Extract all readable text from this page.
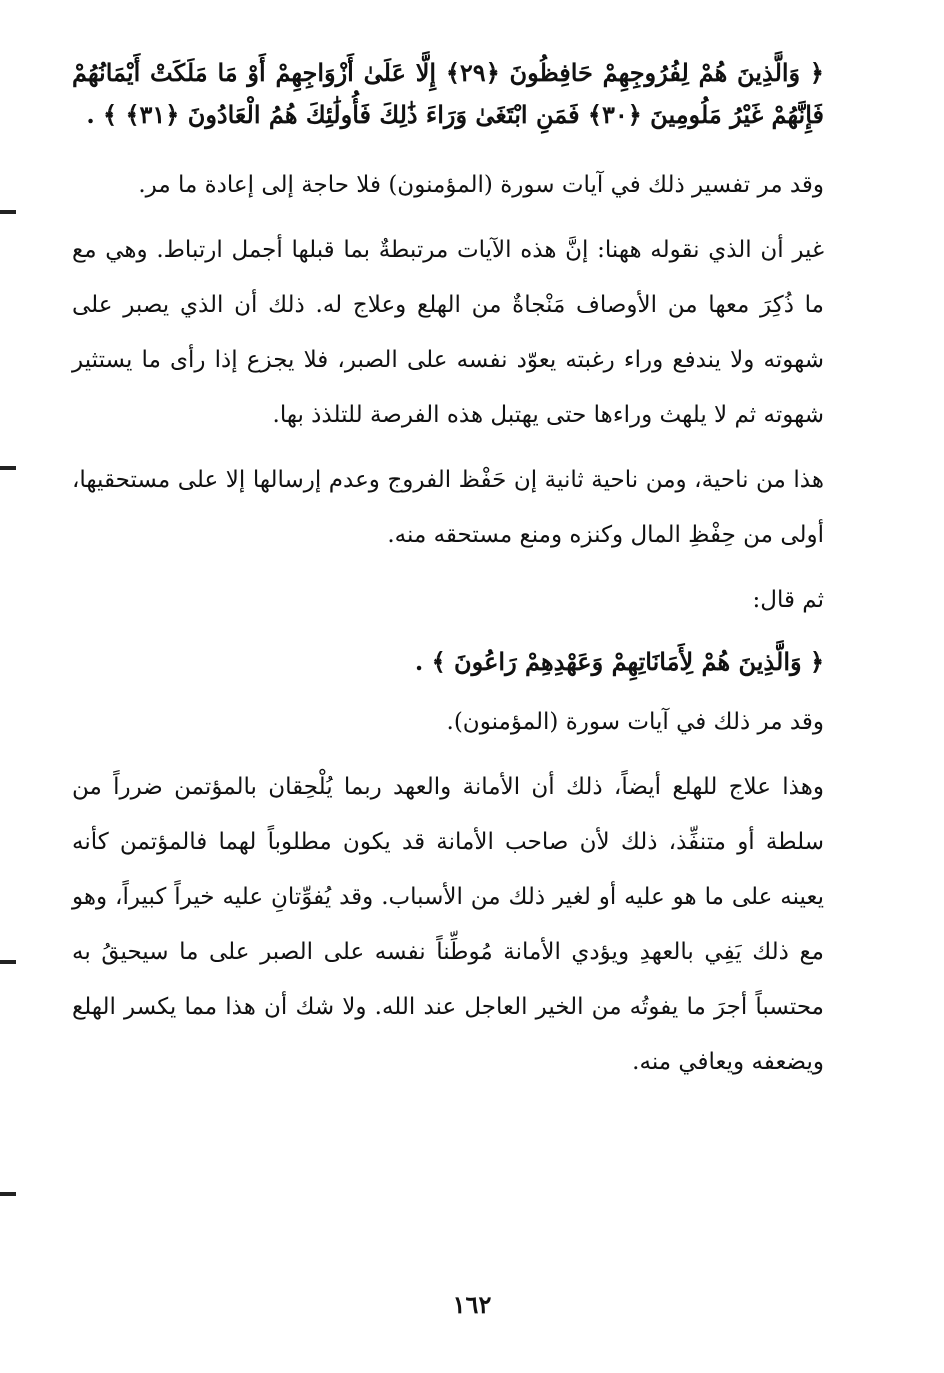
﴿ وَالَّذِينَ هُمْ لِفُرُوجِهِمْ حَافِظُونَ ﴿٢٩﴾ إِلَّا عَلَىٰ أَزْوَاجِهِمْ أَوْ مَا مَلَكَتْ أَيْمَانُهُمْ فَإِنَّهُمْ غَيْرُ مَلُومِينَ ﴿٣٠﴾ فَمَنِ ابْتَغَىٰ وَرَاءَ ذَٰلِكَ فَأُولَٰئِكَ هُمُ الْعَادُونَ ﴿٣١﴾ ﴾ .

وقد مر تفسير ذلك في آيات سورة (المؤمنون) فلا حاجة إلى إعادة ما مر.

غير أن الذي نقوله ههنا: إنَّ هذه الآيات مرتبطةٌ بما قبلها أجمل ارتباط. وهي مع ما ذُكِرَ معها من الأوصاف مَنْجاةٌ من الهلع وعلاج له. ذلك أن الذي يصبر على شهوته ولا يندفع وراء رغبته يعوّد نفسه على الصبر، فلا يجزع إذا رأى ما يستثير شهوته ثم لا يلهث وراءها حتى يهتبل هذه الفرصة للتلذذ بها.

هذا من ناحية، ومن ناحية ثانية إن حَفْظ الفروج وعدم إرسالها إلا على مستحقيها، أولى من حِفْظِ المال وكنزه ومنع مستحقه منه.

ثم قال:

﴿ وَالَّذِينَ هُمْ لِأَمَانَاتِهِمْ وَعَهْدِهِمْ رَاعُونَ ﴾ .

وقد مر ذلك في آيات سورة (المؤمنون).

وهذا علاج للهلع أيضاً، ذلك أن الأمانة والعهد ربما يُلْحِقان بالمؤتمن ضرراً من سلطة أو متنفِّذ، ذلك لأن صاحب الأمانة قد يكون مطلوباً لهما فالمؤتمن كأنه يعينه على ما هو عليه أو لغير ذلك من الأسباب. وقد يُفوِّتانِ عليه خيراً كبيراً، وهو مع ذلك يَفِي بالعهدِ ويؤدي الأمانة مُوطِّناً نفسه على الصبر على ما سيحيقُ به محتسباً أجرَ ما يفوتُه من الخير العاجل عند الله. ولا شك أن هذا مما يكسر الهلع ويضعفه ويعافي منه.

١٦٢
